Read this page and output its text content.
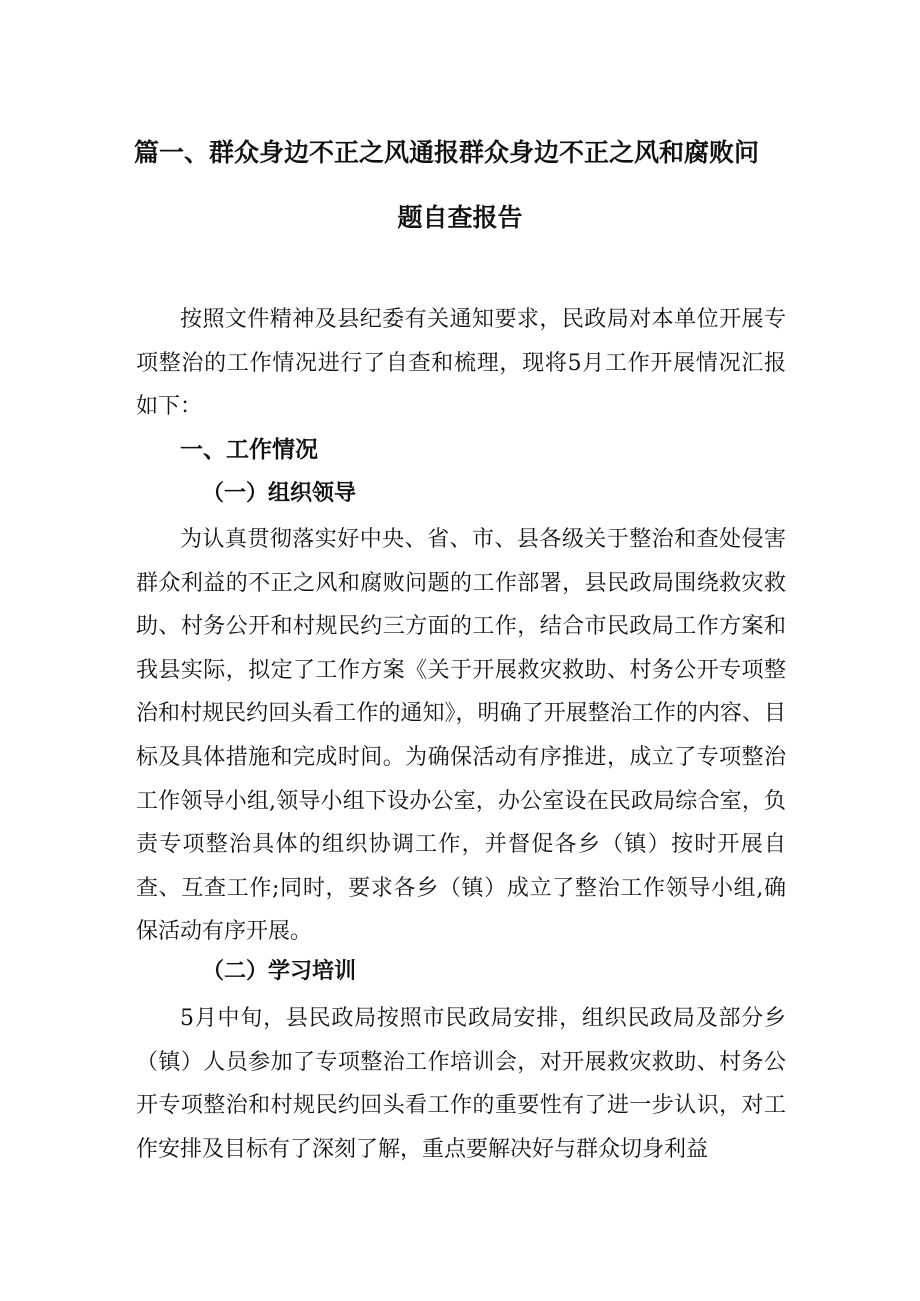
篇一、群众身边不正之风通报群众身边不正之风和腐败问
题自查报告

按照文件精神及县纪委有关通知要求，民政局对本单位开展专项整治的工作情况进行了自查和梳理，现将5月工作开展情况汇报如下：

一、工作情况
（一）组织领导

为认真贯彻落实好中央、省、市、县各级关于整治和查处侵害群众利益的不正之风和腐败问题的工作部署，县民政局围绕救灾救助、村务公开和村规民约三方面的工作，结合市民政局工作方案和我县实际，拟定了工作方案《关于开展救灾救助、村务公开专项整治和村规民约回头看工作的通知》，明确了开展整治工作的内容、目标及具体措施和完成时间。为确保活动有序推进，成立了专项整治工作领导小组,领导小组下设办公室，办公室设在民政局综合室，负责专项整治具体的组织协调工作，并督促各乡（镇）按时开展自查、互查工作;同时，要求各乡（镇）成立了整治工作领导小组,确保活动有序开展。

（二）学习培训

5月中旬，县民政局按照市民政局安排，组织民政局及部分乡（镇）人员参加了专项整治工作培训会，对开展救灾救助、村务公开专项整治和村规民约回头看工作的重要性有了进一步认识，对工作安排及目标有了深刻了解，重点要解决好与群众切身利益
